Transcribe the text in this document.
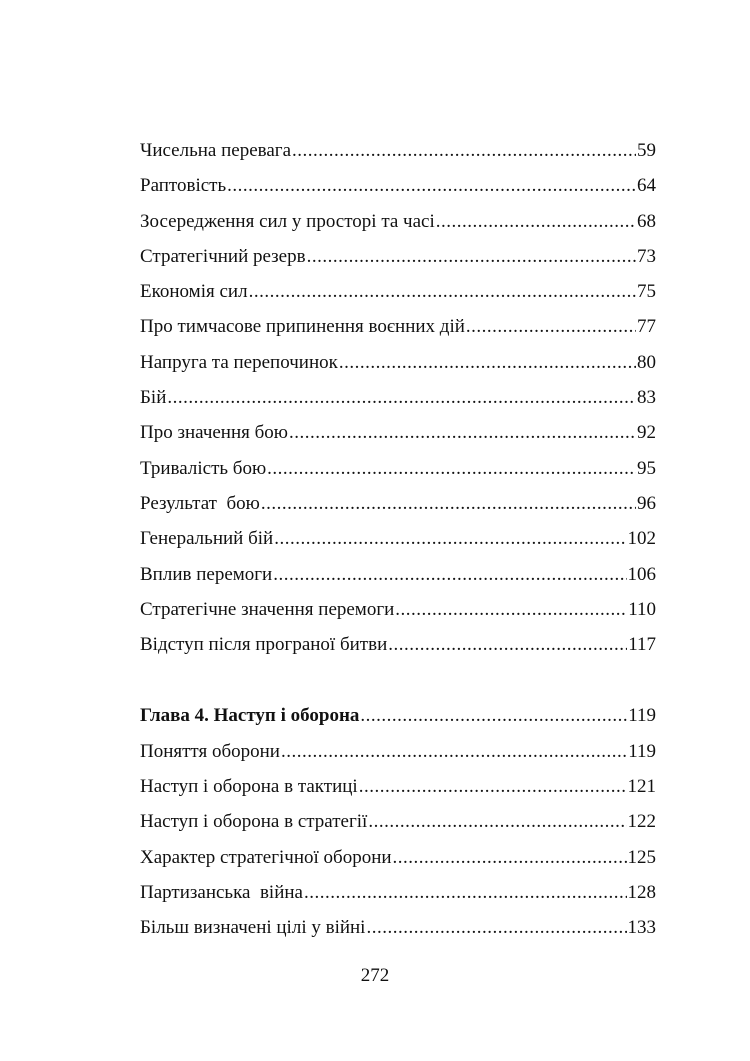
Чисельна перевага .....	59
Раптовість .....	64
Зосередження сил у просторі та часі .....	68
Стратегічний резерв .....	73
Економія сил .....	75
Про тимчасове припинення воєнних дій .....	77
Напруга та перепочинок .....	80
Бій .....	83
Про значення бою .....	92
Тривалість бою .....	95
Результат  бою .....	96
Генеральний бій .....	102
Вплив перемоги .....	106
Стратегічне значення перемоги .....	110
Відступ після програної битви .....	117
Глава 4. Наступ і оборона .....	119
Поняття оборони .....	119
Наступ і оборона в тактиці .....	121
Наступ і оборона в стратегії .....	122
Характер стратегічної оборони .....	125
Партизанська  війна .....	128
Більш визначені цілі у війні .....	133
272
